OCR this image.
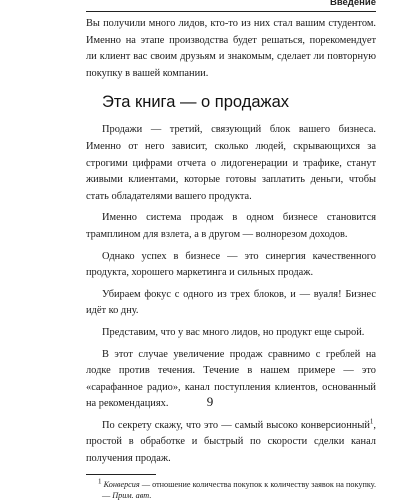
Введение

Вы получили много лидов, кто-то из них стал вашим студентом. Именно на этапе производства будет решаться, порекомендует ли клиент вас своим друзьям и знакомым, сделает ли повторную покупку в вашей компании.

Эта книга — о продажах

Продажи — третий, связующий блок вашего бизнеса. Именно от него зависит, сколько людей, скрывающихся за строгими цифрами отчета о лидогенерации и трафике, станут живыми клиентами, которые готовы заплатить деньги, чтобы стать обладателями вашего продукта.

Именно система продаж в одном бизнесе становится трамплином для взлета, а в другом — волнорезом доходов.

Однако успех в бизнесе — это синергия качественного продукта, хорошего маркетинга и сильных продаж.

Убираем фокус с одного из трех блоков, и — вуаля! Бизнес идёт ко дну.

Представим, что у вас много лидов, но продукт еще сырой.

В этот случае увеличение продаж сравнимо с греблей на лодке против течения. Течение в нашем примере — это «сарафанное радио», канал поступления клиентов, основанный на рекомендациях.

По секрету скажу, что это — самый высоко конверсионный$^1$, простой в обработке и быстрый по скорости сделки канал получения продаж.

$^1$ Конверсия — отношение количества покупок к количеству заявок на покупку. — Прим. авт.
9
